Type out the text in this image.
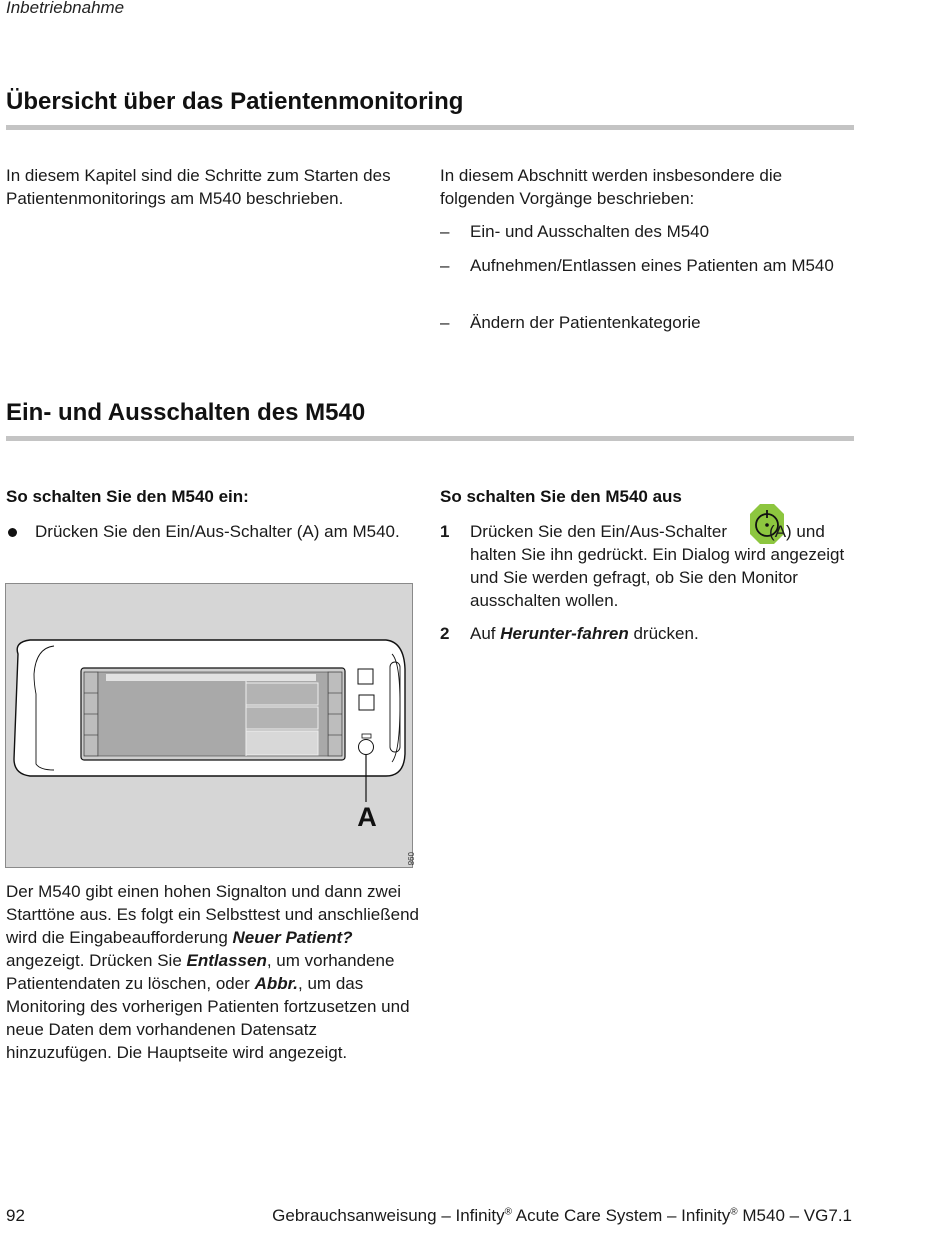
Inbetriebnahme
Übersicht über das Patientenmonitoring

In diesem Kapitel sind die Schritte zum Starten des Patientenmonitorings am M540 beschrieben.

In diesem Abschnitt werden insbesondere die folgenden Vorgänge beschrieben:

– Ein- und Ausschalten des M540
– Aufnehmen/Entlassen eines Patienten am M540
– Ändern der Patientenkategorie
Ein- und Ausschalten des M540

So schalten Sie den M540 ein:

Drücken Sie den Ein/Aus-Schalter (A) am M540.

So schalten Sie den M540 aus

1 Drücken Sie den Ein/Aus-Schalter (A) und halten Sie ihn gedrückt. Ein Dialog wird angezeigt und Sie werden gefragt, ob Sie den Monitor ausschalten wollen.
2 Auf Herunter-fahren drücken.
A
098

Der M540 gibt einen hohen Signalton und dann zwei Starttöne aus. Es folgt ein Selbsttest und anschließend wird die Eingabeaufforderung Neuer Patient? angezeigt. Drücken Sie Entlassen, um vorhandene Patientendaten zu löschen, oder Abbr., um das Monitoring des vorherigen Patienten fortzusetzen und neue Daten dem vorhandenen Datensatz hinzuzufügen. Die Hauptseite wird angezeigt.

92	Gebrauchsanweisung – Infinity® Acute Care System – Infinity® M540 – VG7.1
